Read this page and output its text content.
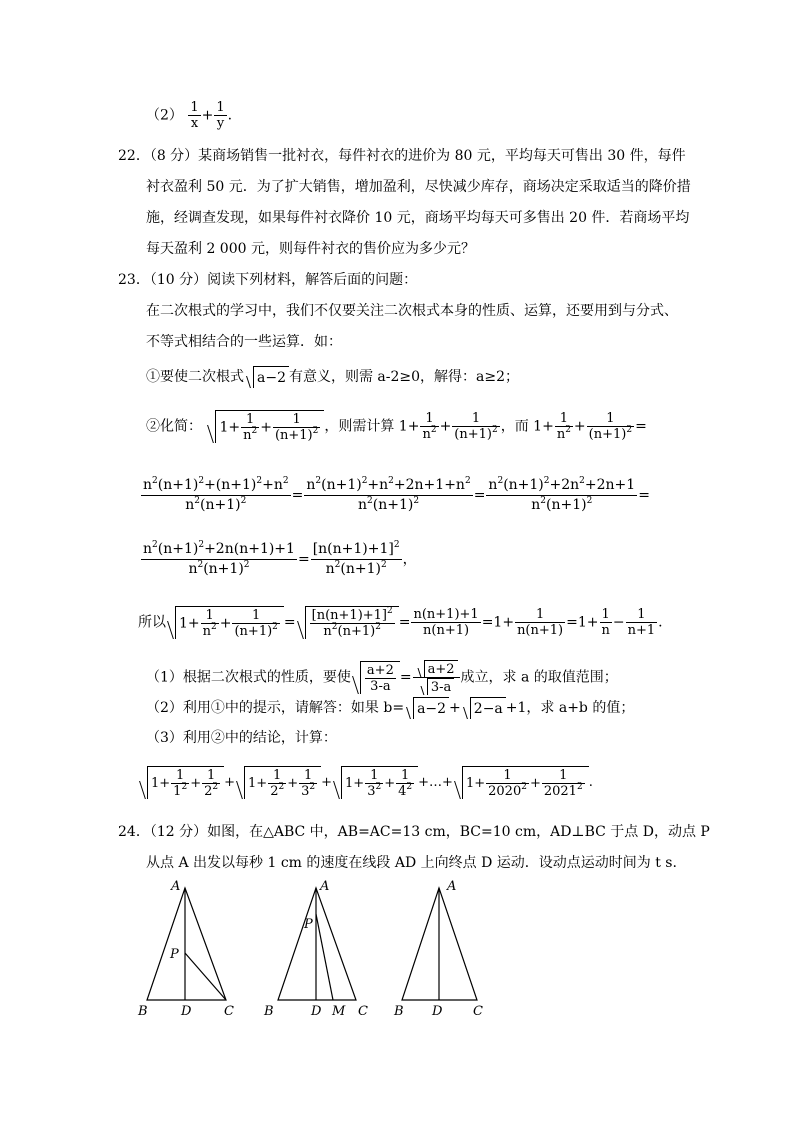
$(2) \frac{1}{x} + \frac{1}{y}$ .
22．（8 分）某商场销售一批衬衣，每件衬衣的进价为 80 元，平均每天可售出 30 件，每件
衬衣盈利 50 元．为了扩大销售，增加盈利，尽快减少库存，商场决定采取适当的降价措
施，经调查发现，如果每件衬衣降价 10 元，商场平均每天可多售出 20 件．若商场平均
每天盈利 2 000 元，则每件衬衣的售价应为多少元？
23．（10 分）阅读下列材料，解答后面的问题：
在二次根式的学习中，我们不仅要关注二次根式本身的性质、运算，还要用到与分式、
不等式相结合的一些运算．如：
①要使二次根式 a−2 有意义，则需 a-2≥0，解得：a≥2；
②化简： $1+ \frac{1}{n^2} + \frac{1}{(n+1)^2}$ ，则需计算 $1+ \frac{1}{n^2} + \frac{1}{(n+1)^2}$ ，而 $1+ \frac{1}{n^2} + \frac{1}{(n+1)^2}$ =
$\frac{n^2(n+1)^2+(n+1)^2+n^2}{n^2(n+1)^2} = \frac{n^2(n+1)^2+n^2+2n+1+n^2}{n^2(n+1)^2} = \frac{n^2(n+1)^2+2n^2+2n+1}{n^2(n+1)^2}$ =
$\frac{n^2(n+1)^2+2n(n+1)+1}{n^2(n+1)^2} = \frac{[n(n+1)+1]^2}{n^2(n+1)^2}$ ，
所以 $1+ \frac{1}{n^2} + \frac{1}{(n+1)^2} = \frac{[n(n+1)+1]^2}{n^2(n+1)^2} = \frac{n(n+1)+1}{n(n+1)} =1+ \frac{1}{n(n+1)} =1+ \frac{1}{n} - \frac{1}{n+1}$ .
（1）根据二次根式的性质，要使 $\frac{a+2}{3-a} = \frac{a+2}{3-a}$ 成立，求 a 的取值范围；
（2）利用①中的提示，请解答：如果 b= a−2 + 2−a +1，求 a+b 的值；
（3）利用②中的结论，计算：
$1+ \frac{1}{1^2} + \frac{1}{2^2} + 1+ \frac{1}{2^2} + \frac{1}{3^2} + 1+ \frac{1}{3^2} + \frac{1}{4^2}$ +…+ $1+ \frac{1}{2020^2} + \frac{1}{2021^2}$ .
24．（12 分）如图，在△ABC 中，AB=AC=13 cm，BC=10 cm，AD⊥BC 于点 D，动点 P
从点 A 出发以每秒 1 cm 的速度在线段 AD 上向终点 D 运动．设动点运动时间为 t s.
A
B	D	C
P
A
P
B	D M C
A
B D C
